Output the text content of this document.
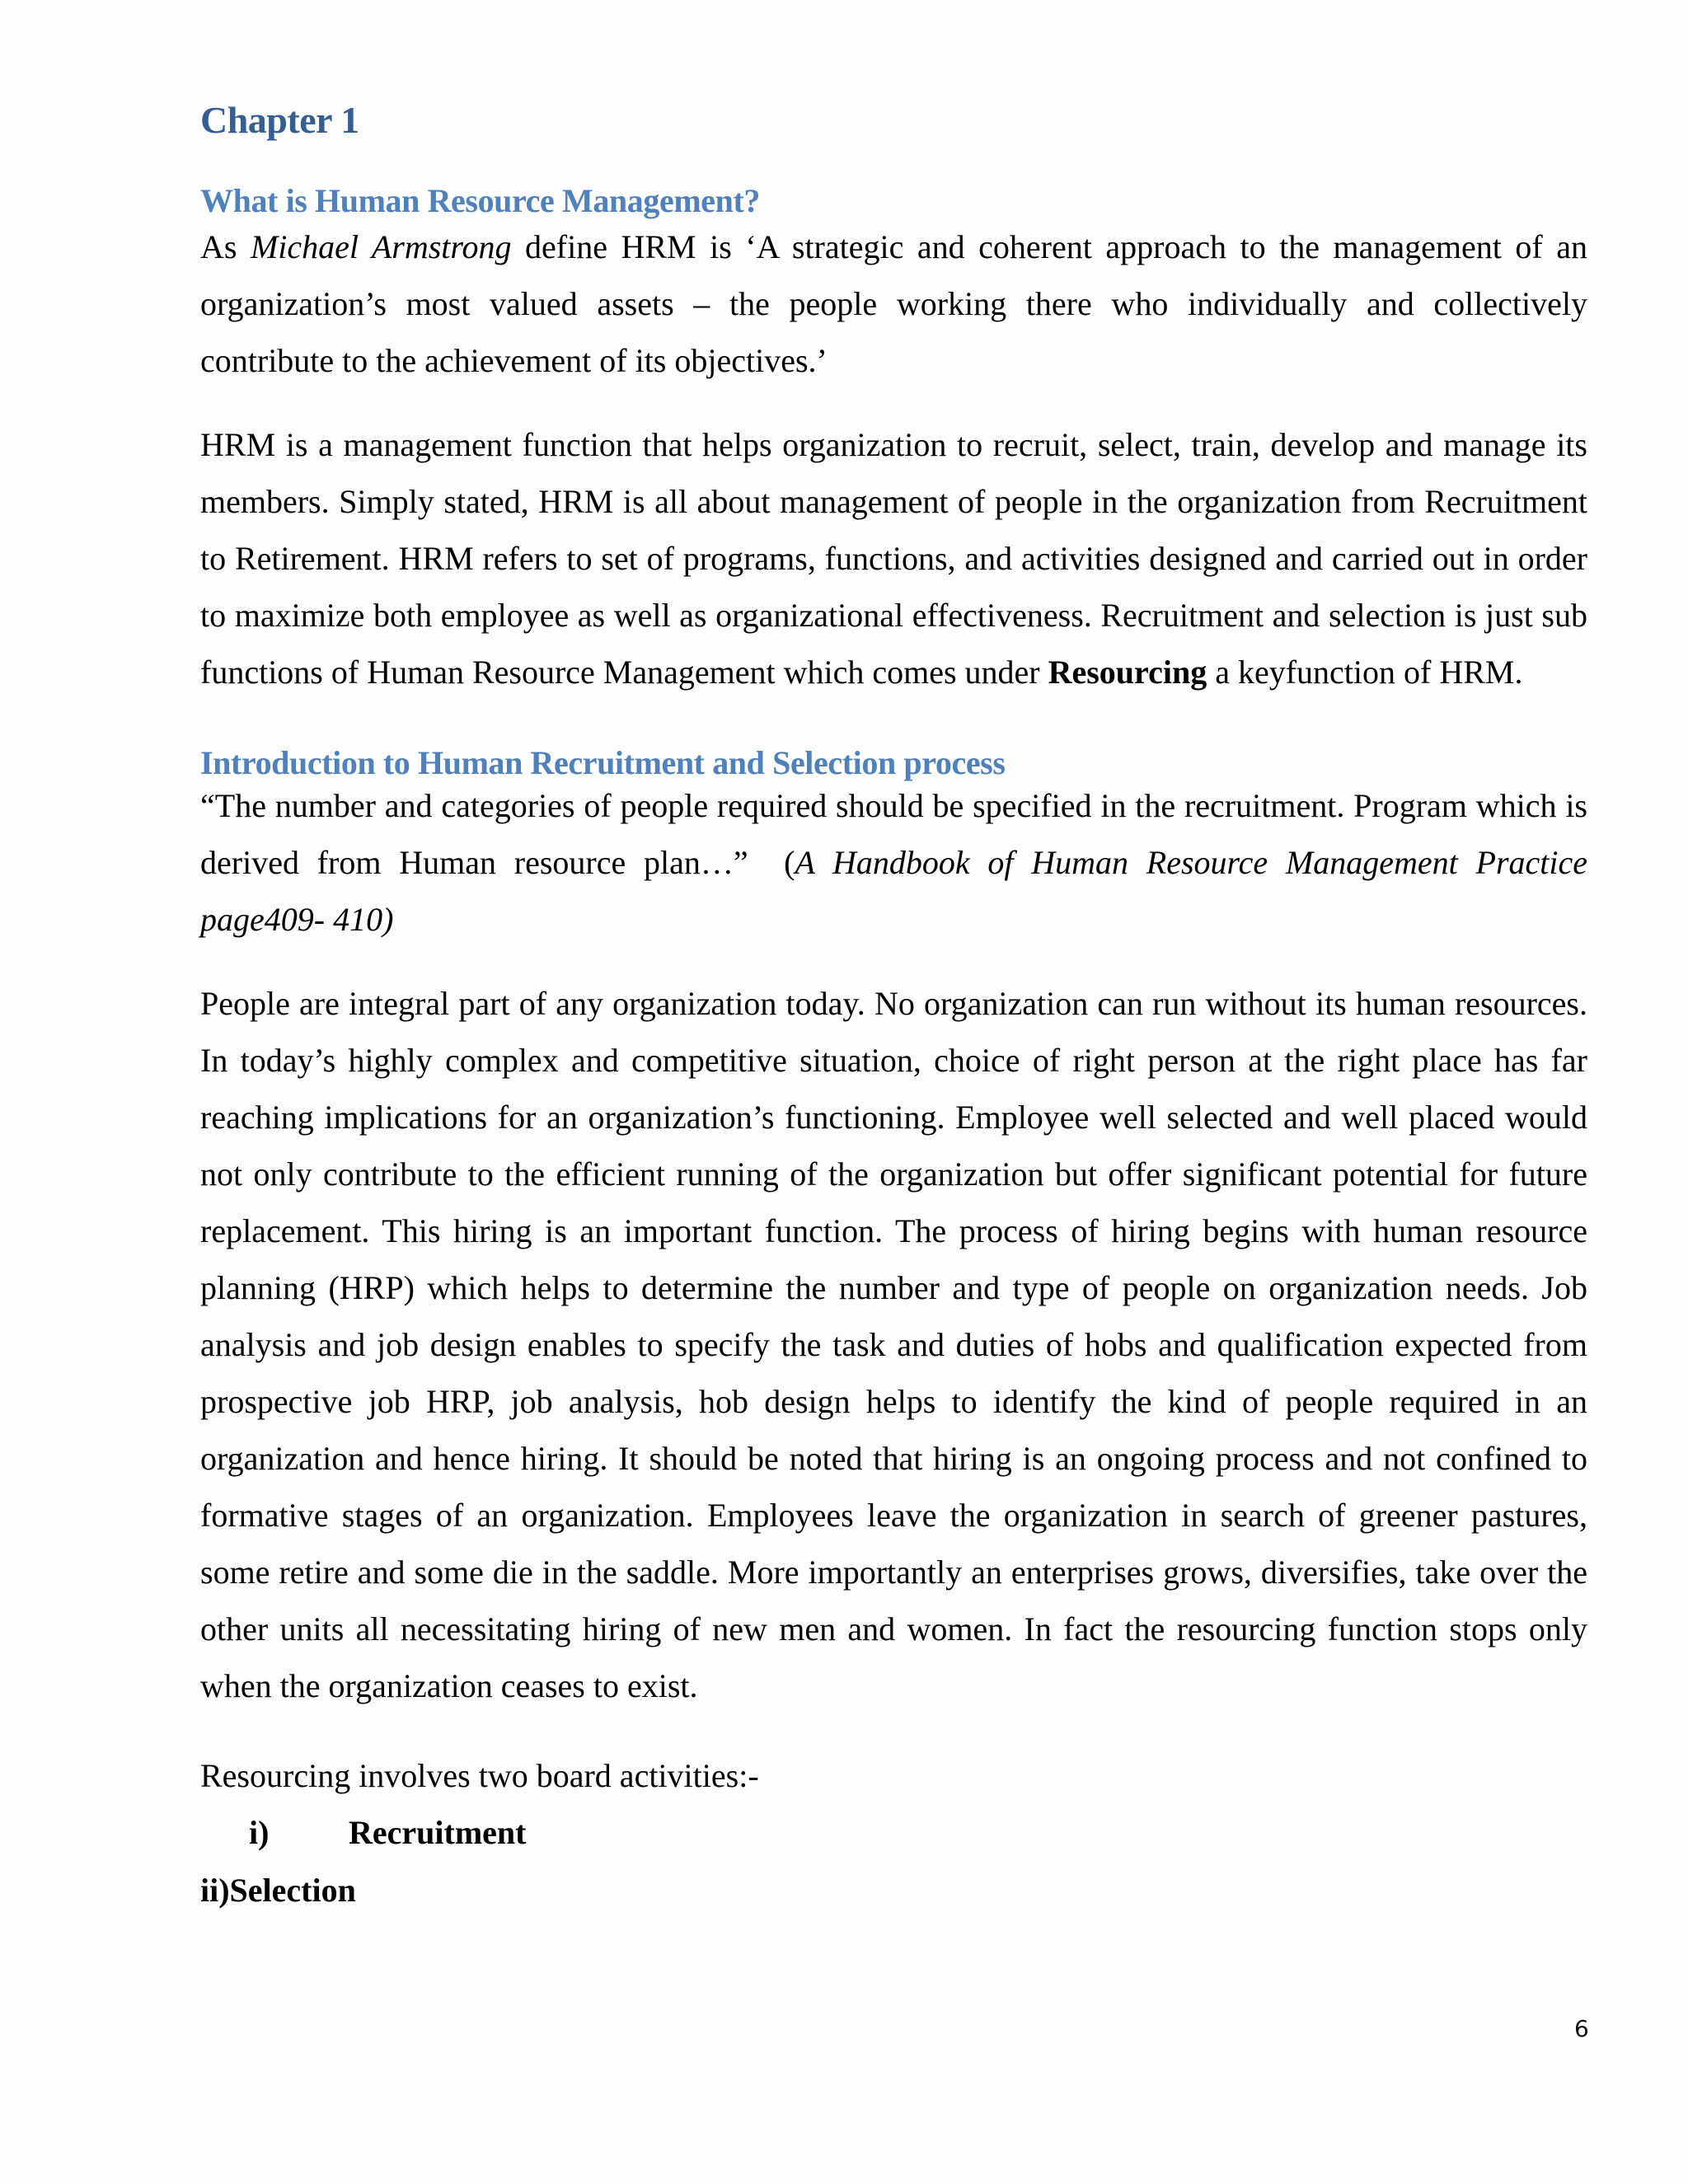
Chapter 1
What is Human Resource Management?
As Michael Armstrong define HRM is ‘A strategic and coherent approach to the management of an
organization’s most valued assets – the people working there who individually and collectively
contribute to the achievement of its objectives.’
HRM is a management function that helps organization to recruit, select, train, develop and manage its
members. Simply stated, HRM is all about management of people in the organization from Recruitment
to Retirement. HRM refers to set of programs, functions, and activities designed and carried out in order
to maximize both employee as well as organizational effectiveness. Recruitment and selection is just sub
functions of Human Resource Management which comes under Resourcing a keyfunction of HRM.
Introduction to Human Recruitment and Selection process
“The number and categories of people required should be specified in the recruitment. Program which is
derived from Human resource plan…”  (A Handbook of Human Resource Management Practice
page409- 410)
People are integral part of any organization today. No organization can run without its human resources.
In today’s highly complex and competitive situation, choice of right person at the right place has far
reaching implications for an organization’s functioning. Employee well selected and well placed would
not only contribute to the efficient running of the organization but offer significant potential for future
replacement. This hiring is an important function. The process of hiring begins with human resource
planning (HRP) which helps to determine the number and type of people on organization needs. Job
analysis and job design enables to specify the task and duties of hobs and qualification expected from
prospective job HRP, job analysis, hob design helps to identify the kind of people required in an
organization and hence hiring. It should be noted that hiring is an ongoing process and not confined to
formative stages of an organization. Employees leave the organization in search of greener pastures,
some retire and some die in the saddle. More importantly an enterprises grows, diversifies, take over the
other units all necessitating hiring of new men and women. In fact the resourcing function stops only
when the organization ceases to exist.
Resourcing involves two board activities:-
i) Recruitment
ii)Selection
6
